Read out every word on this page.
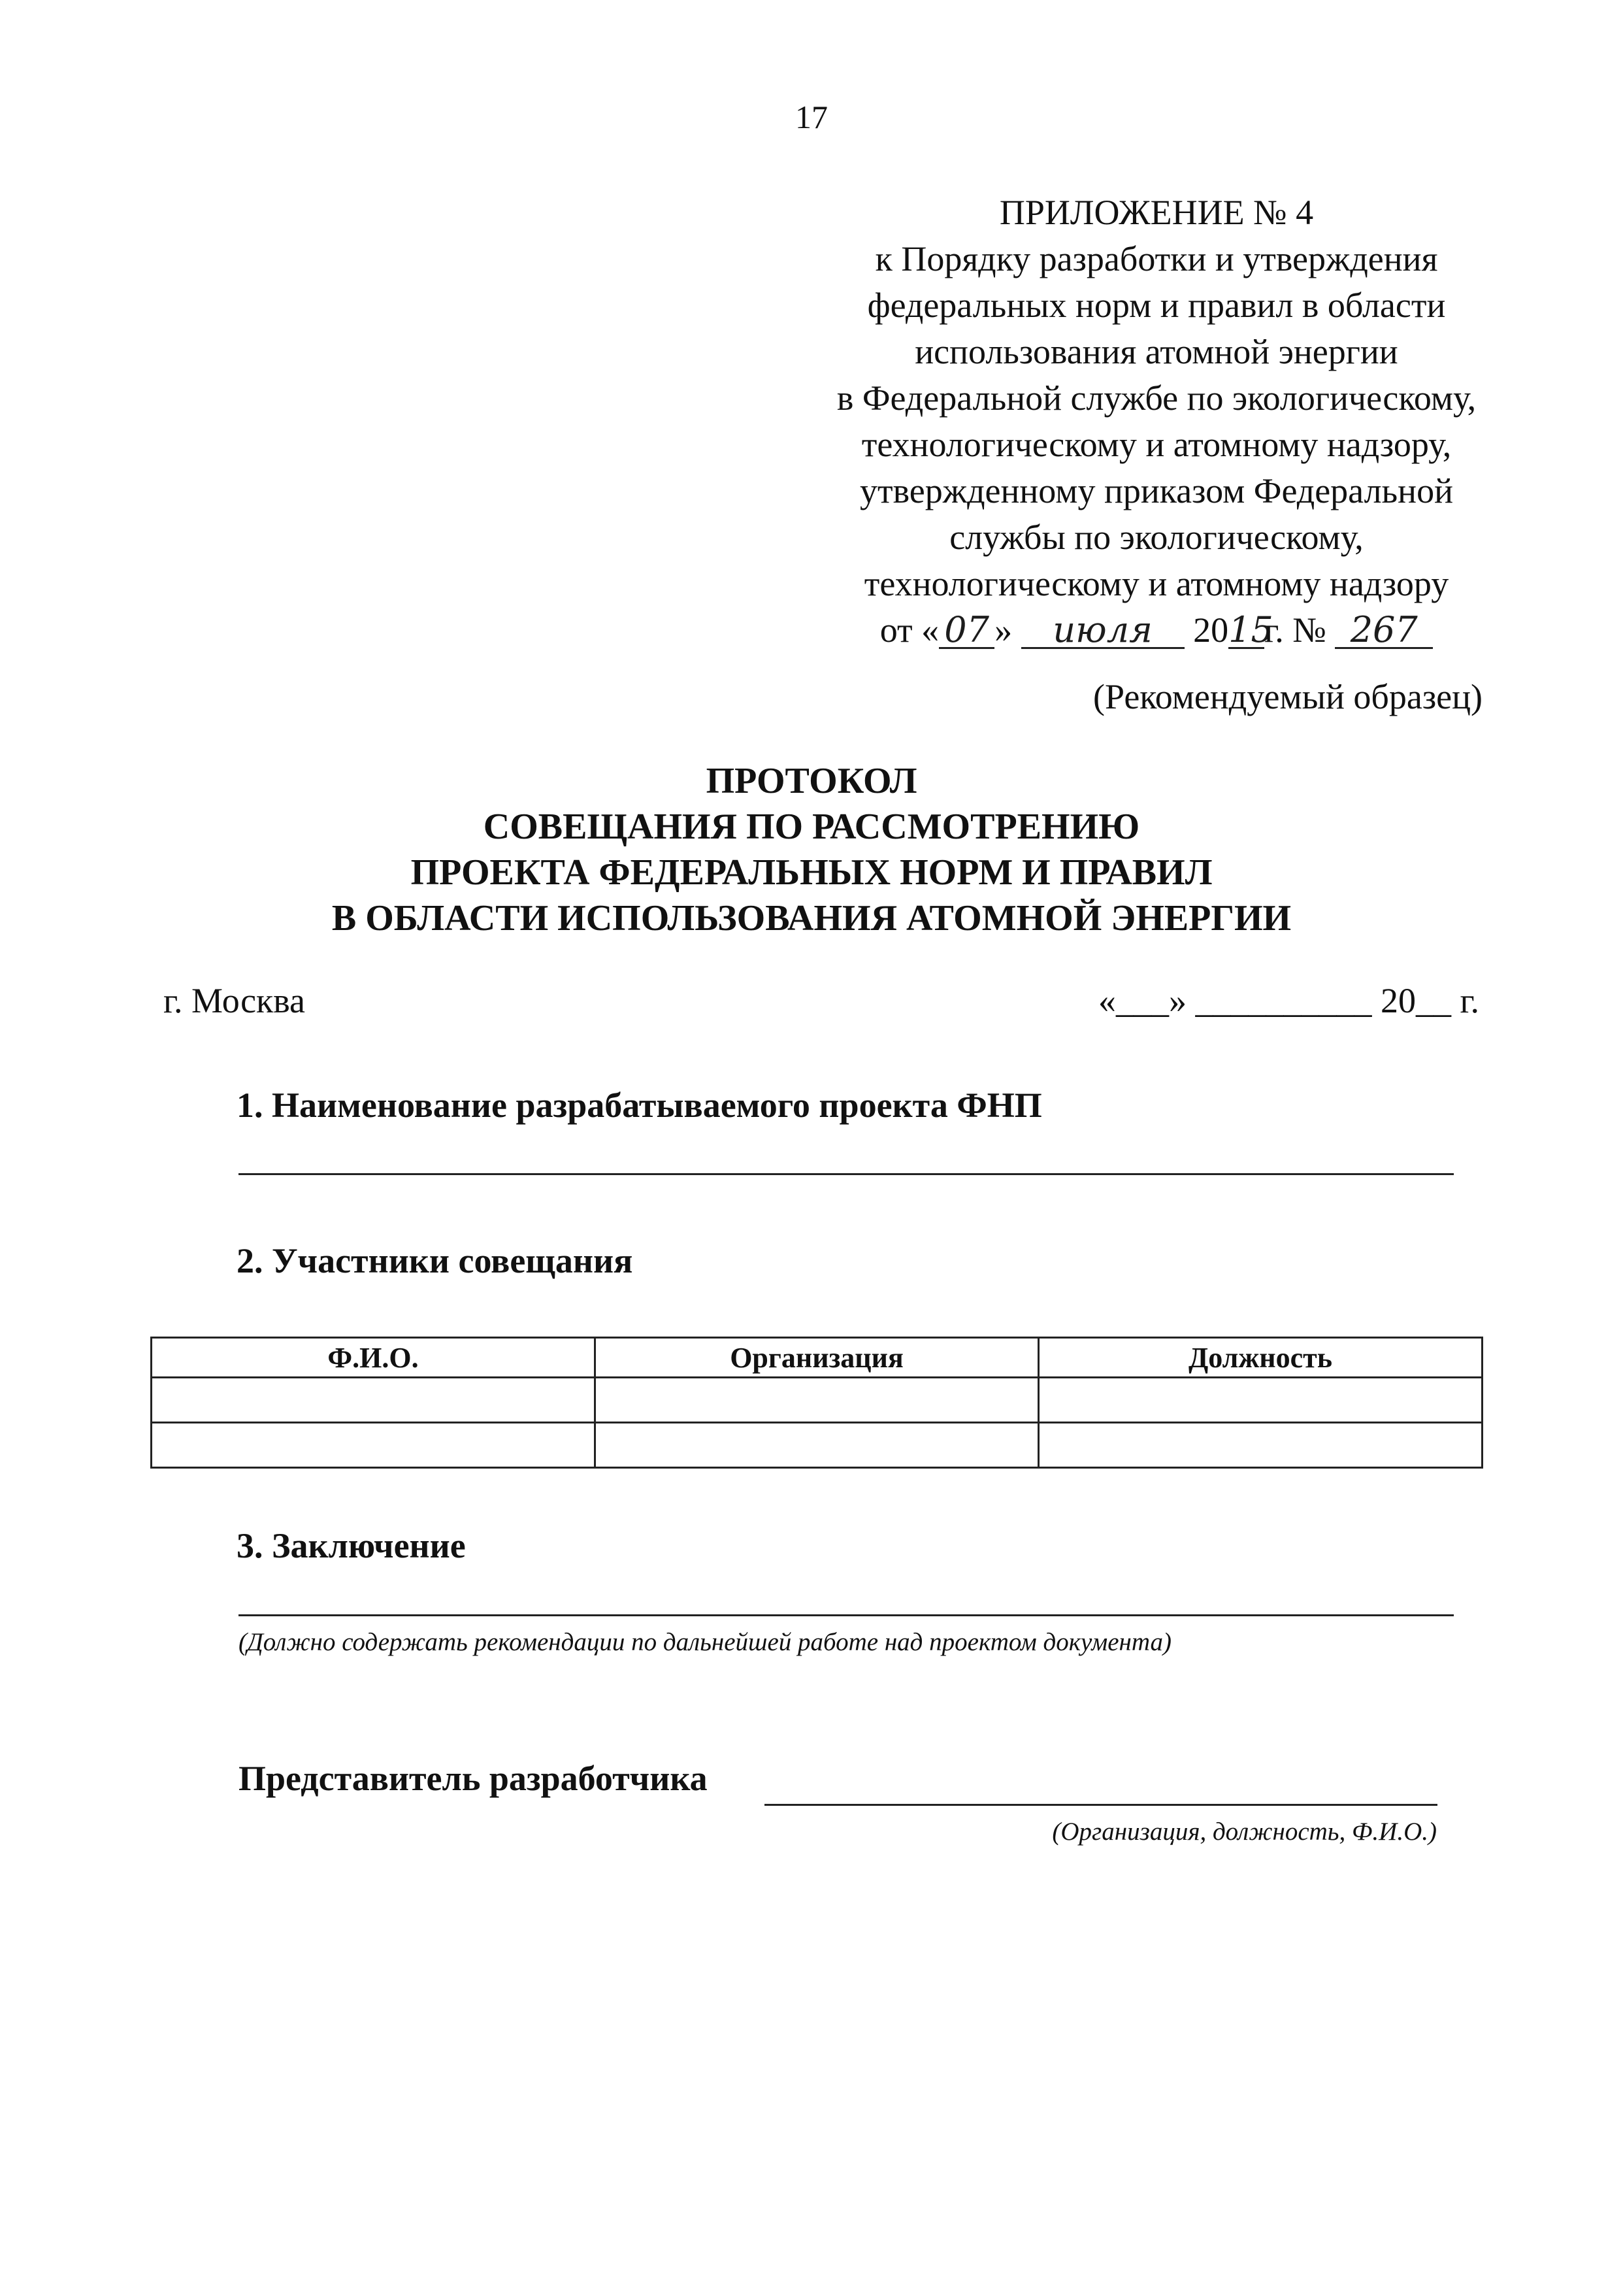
17
ПРИЛОЖЕНИЕ № 4
к Порядку разработки и утверждения
федеральных норм и правил в области
использования атомной энергии
в Федеральной службе по экологическому,
технологическому и атомному надзору,
утвержденному приказом Федеральной
службы по экологическому,
технологическому и атомному надзору
от « 07 » июля 2015г. № 267
(Рекомендуемый образец)
ПРОТОКОЛ
СОВЕЩАНИЯ ПО РАССМОТРЕНИЮ
ПРОЕКТА ФЕДЕРАЛЬНЫХ НОРМ И ПРАВИЛ
В ОБЛАСТИ ИСПОЛЬЗОВАНИЯ АТОМНОЙ ЭНЕРГИИ
г. Москва	«___» __________ 20__ г.
1. Наименование разрабатываемого проекта ФНП
2. Участники совещания
Ф.И.О.	Организация	Должность

3. Заключение
(Должно содержать рекомендации по дальнейшей работе над проектом документа)
Представитель разработчика
(Организация, должность, Ф.И.О.)
